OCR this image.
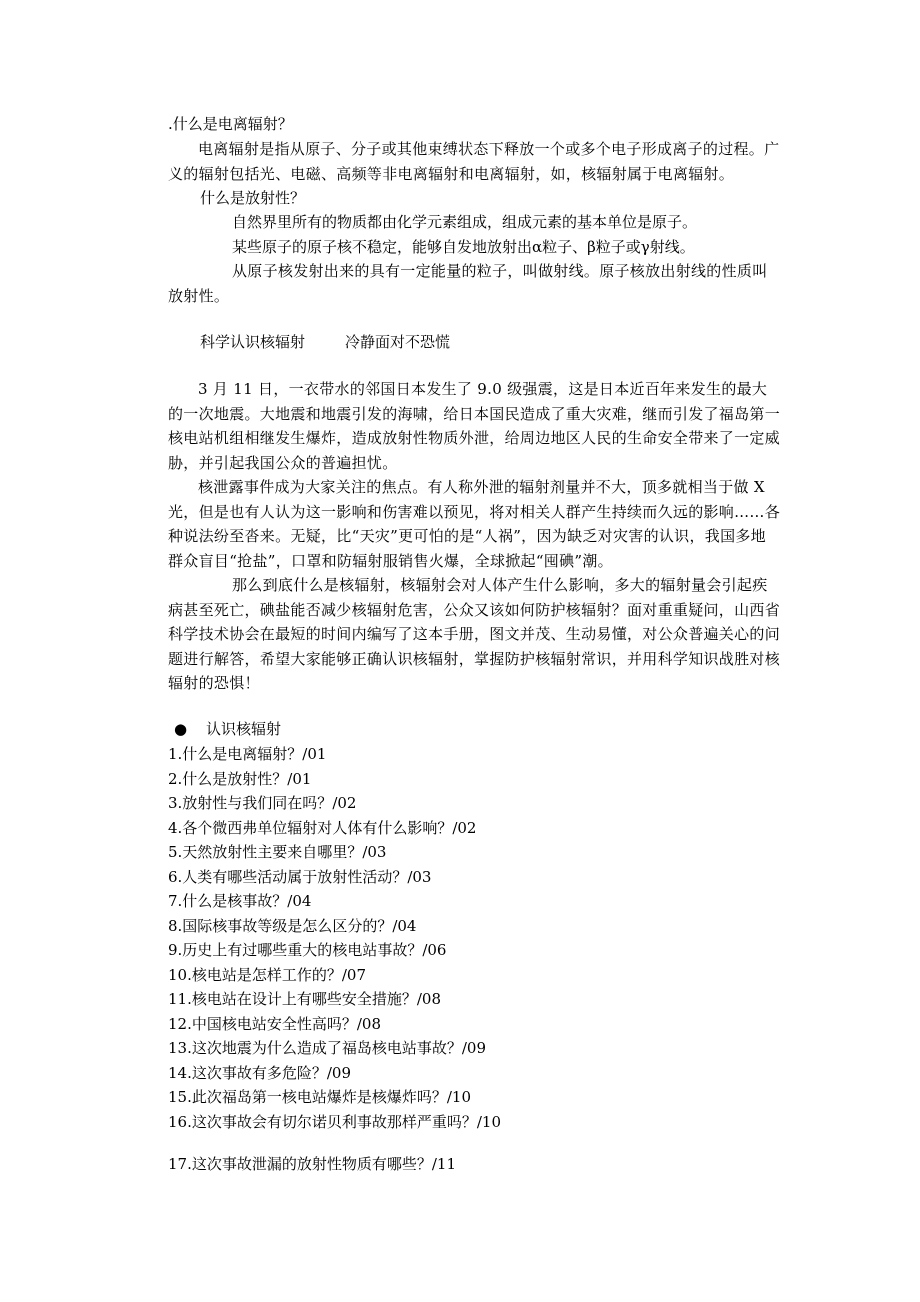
.什么是电离辐射？

电离辐射是指从原子、分子或其他束缚状态下释放一个或多个电子形成离子的过程。广义的辐射包括光、电磁、高频等非电离辐射和电离辐射，如，核辐射属于电离辐射。

什么是放射性？

自然界里所有的物质都由化学元素组成，组成元素的基本单位是原子。

某些原子的原子核不稳定，能够自发地放射出α粒子、β粒子或γ射线。

从原子核发射出来的具有一定能量的粒子，叫做射线。原子核放出射线的性质叫放射性。

科学认识核辐射	冷静面对不恐慌

3 月 11 日，一衣带水的邻国日本发生了 9.0 级强震，这是日本近百年来发生的最大的一次地震。大地震和地震引发的海啸，给日本国民造成了重大灾难，继而引发了福岛第一核电站机组相继发生爆炸，造成放射性物质外泄，给周边地区人民的生命安全带来了一定威胁，并引起我国公众的普遍担忧。

核泄露事件成为大家关注的焦点。有人称外泄的辐射剂量并不大，顶多就相当于做 X 光，但是也有人认为这一影响和伤害难以预见，将对相关人群产生持续而久远的影响……各种说法纷至沓来。无疑，比“天灾”更可怕的是“人祸”，因为缺乏对灾害的认识，我国多地群众盲目“抢盐”，口罩和防辐射服销售火爆，全球掀起“囤碘”潮。

那么到底什么是核辐射，核辐射会对人体产生什么影响，多大的辐射量会引起疾病甚至死亡，碘盐能否减少核辐射危害，公众又该如何防护核辐射？面对重重疑问，山西省科学技术协会在最短的时间内编写了这本手册，图文并茂、生动易懂，对公众普遍关心的问题进行解答，希望大家能够正确认识核辐射，掌握防护核辐射常识，并用科学知识战胜对核辐射的恐惧！

● 认识核辐射
1.什么是电离辐射？/01
2.什么是放射性？/01
3.放射性与我们同在吗？/02
4.各个微西弗单位辐射对人体有什么影响？/02
5.天然放射性主要来自哪里？/03
6.人类有哪些活动属于放射性活动？/03
7.什么是核事故？/04
8.国际核事故等级是怎么区分的？/04
9.历史上有过哪些重大的核电站事故？/06
10.核电站是怎样工作的？/07
11.核电站在设计上有哪些安全措施？/08
12.中国核电站安全性高吗？/08
13.这次地震为什么造成了福岛核电站事故？/09
14.这次事故有多危险？/09
15.此次福岛第一核电站爆炸是核爆炸吗？/10
16.这次事故会有切尔诺贝利事故那样严重吗？/10
17.这次事故泄漏的放射性物质有哪些？/11
